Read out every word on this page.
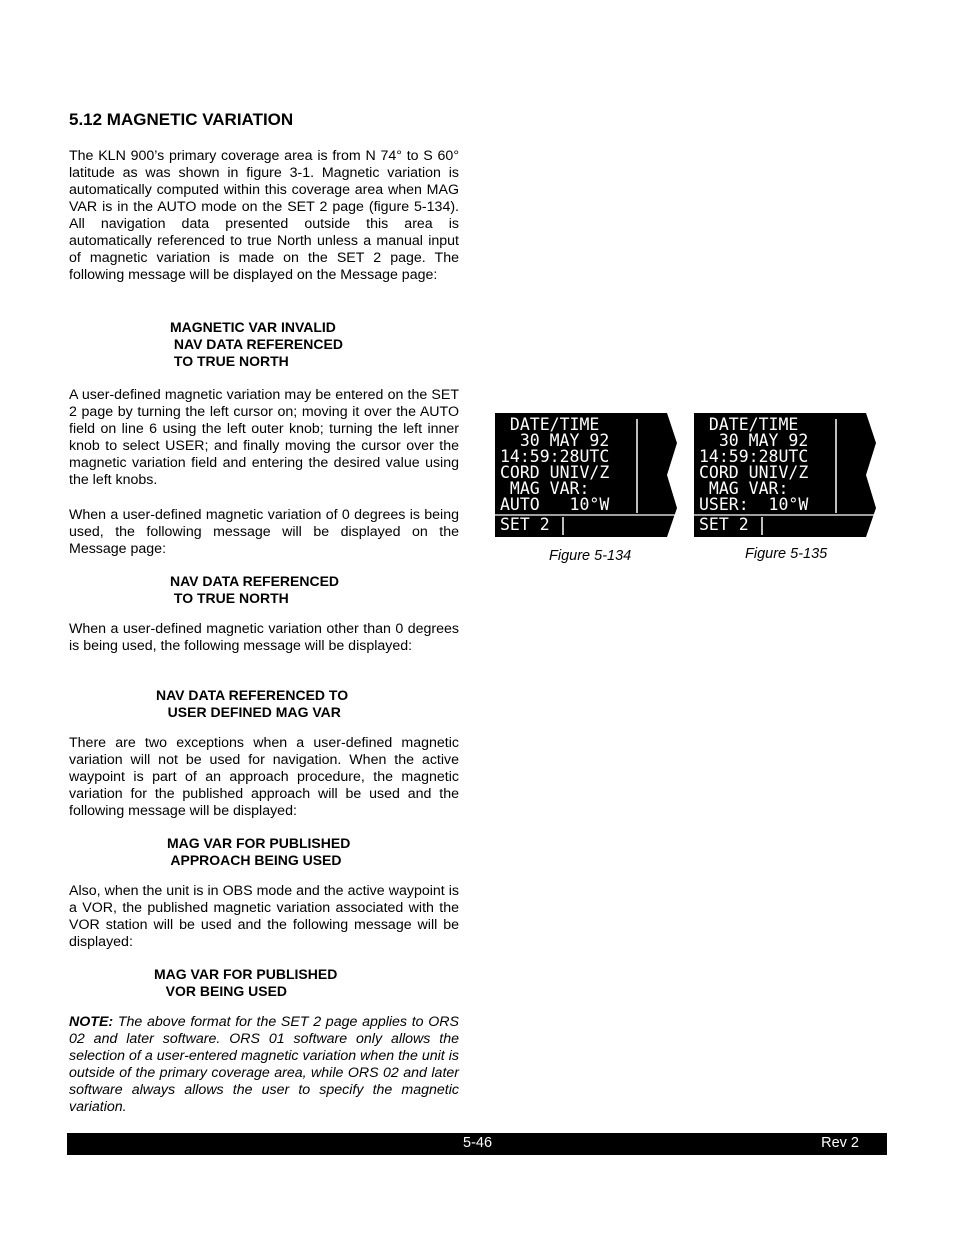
5.12 MAGNETIC VARIATION

The KLN 900’s primary coverage area is from N 74° to S 60° latitude as was shown in figure 3-1. Magnetic variation is automatically computed within this coverage area when MAG VAR is in the AUTO mode on the SET 2 page (figure 5-134). All navigation data presented outside this area is automatically referenced to true North unless a manual input of magnetic variation is made on the SET 2 page. The following message will be displayed on the Message page:

MAGNETIC VAR INVALID
NAV DATA REFERENCED
TO TRUE NORTH

A user-defined magnetic variation may be entered on the SET 2 page by turning the left cursor on; moving it over the AUTO field on line 6 using the left outer knob; turning the left inner knob to select USER; and finally moving the cursor over the magnetic variation field and entering the desired value using the left knobs.

When a user-defined magnetic variation of 0 degrees is being used, the following message will be displayed on the Message page:

NAV DATA REFERENCED
TO TRUE NORTH

When a user-defined magnetic variation other than 0 degrees is being used, the following message will be displayed:

NAV DATA REFERENCED TO
USER DEFINED MAG VAR

There are two exceptions when a user-defined magnetic variation will not be used for navigation. When the active waypoint is part of an approach procedure, the magnetic variation for the published approach will be used and the following message will be displayed:

MAG VAR FOR PUBLISHED
APPROACH BEING USED

Also, when the unit is in OBS mode and the active waypoint is a VOR, the published magnetic variation associated with the VOR station will be used and the following message will be displayed:

MAG VAR FOR PUBLISHED
VOR BEING USED

NOTE: The above format for the SET 2 page applies to ORS 02 and later software. ORS 01 software only allows the selection of a user-entered magnetic variation when the unit is outside of the primary coverage area, while ORS 02 and later software always allows the user to specify the magnetic variation.

DATE/TIME
30 MAY 92
14:59:28UTC
CORD UNIV/Z
MAG VAR:
AUTO   10°W
SET 2

Figure 5-134

DATE/TIME
30 MAY 92
14:59:28UTC
CORD UNIV/Z
MAG VAR:
USER:  10°W
SET 2

Figure 5-135

5-46	Rev 2
